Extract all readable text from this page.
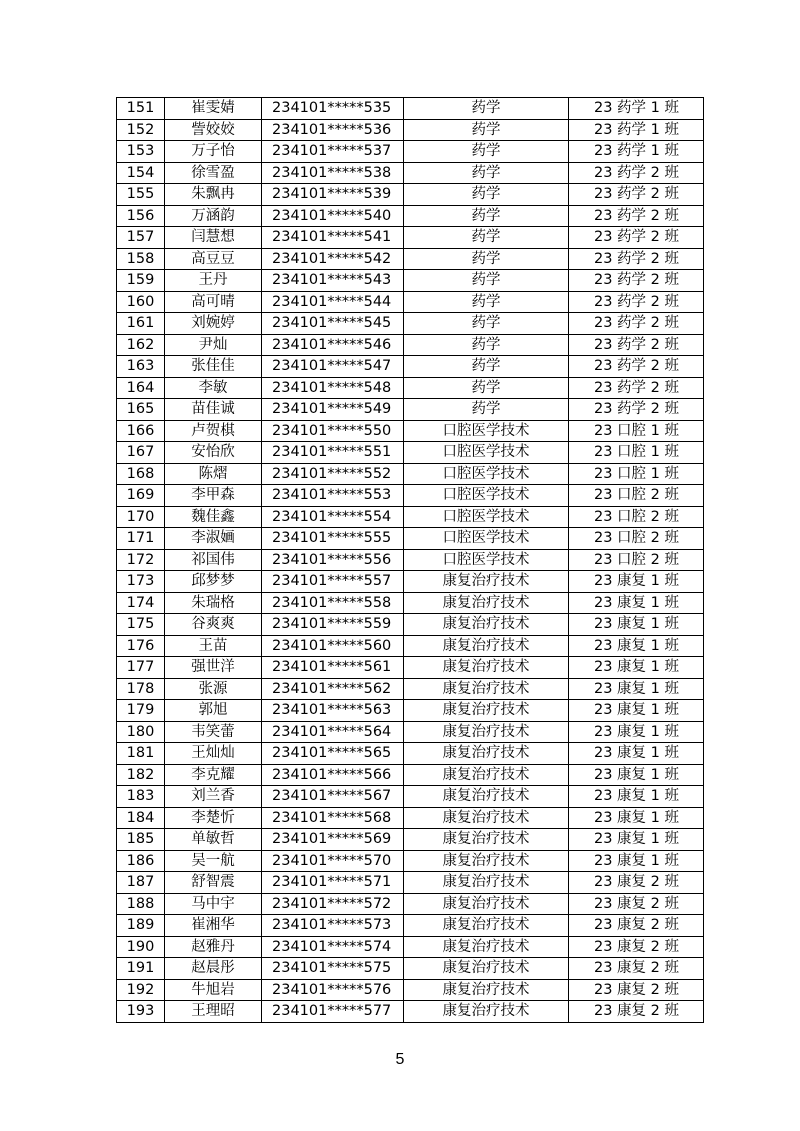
151	崔雯婧	234101*****535	药学	23 药学 1 班
152	訾姣姣	234101*****536	药学	23 药学 1 班
153	万子怡	234101*****537	药学	23 药学 1 班
154	徐雪盈	234101*****538	药学	23 药学 2 班
155	朱飘冉	234101*****539	药学	23 药学 2 班
156	万涵韵	234101*****540	药学	23 药学 2 班
157	闫慧想	234101*****541	药学	23 药学 2 班
158	高豆豆	234101*****542	药学	23 药学 2 班
159	王丹	234101*****543	药学	23 药学 2 班
160	高可晴	234101*****544	药学	23 药学 2 班
161	刘婉婷	234101*****545	药学	23 药学 2 班
162	尹灿	234101*****546	药学	23 药学 2 班
163	张佳佳	234101*****547	药学	23 药学 2 班
164	李敏	234101*****548	药学	23 药学 2 班
165	苗佳诚	234101*****549	药学	23 药学 2 班
166	卢贺棋	234101*****550	口腔医学技术	23 口腔 1 班
167	安怡欣	234101*****551	口腔医学技术	23 口腔 1 班
168	陈熠	234101*****552	口腔医学技术	23 口腔 1 班
169	李甲森	234101*****553	口腔医学技术	23 口腔 2 班
170	魏佳鑫	234101*****554	口腔医学技术	23 口腔 2 班
171	李淑婳	234101*****555	口腔医学技术	23 口腔 2 班
172	祁国伟	234101*****556	口腔医学技术	23 口腔 2 班
173	邱梦梦	234101*****557	康复治疗技术	23 康复 1 班
174	朱瑞格	234101*****558	康复治疗技术	23 康复 1 班
175	谷爽爽	234101*****559	康复治疗技术	23 康复 1 班
176	王苗	234101*****560	康复治疗技术	23 康复 1 班
177	强世洋	234101*****561	康复治疗技术	23 康复 1 班
178	张源	234101*****562	康复治疗技术	23 康复 1 班
179	郭旭	234101*****563	康复治疗技术	23 康复 1 班
180	韦笑蕾	234101*****564	康复治疗技术	23 康复 1 班
181	王灿灿	234101*****565	康复治疗技术	23 康复 1 班
182	李克耀	234101*****566	康复治疗技术	23 康复 1 班
183	刘兰香	234101*****567	康复治疗技术	23 康复 1 班
184	李楚忻	234101*****568	康复治疗技术	23 康复 1 班
185	单敏哲	234101*****569	康复治疗技术	23 康复 1 班
186	吴一航	234101*****570	康复治疗技术	23 康复 1 班
187	舒智震	234101*****571	康复治疗技术	23 康复 2 班
188	马中宇	234101*****572	康复治疗技术	23 康复 2 班
189	崔湘华	234101*****573	康复治疗技术	23 康复 2 班
190	赵雅丹	234101*****574	康复治疗技术	23 康复 2 班
191	赵晨彤	234101*****575	康复治疗技术	23 康复 2 班
192	牛旭岩	234101*****576	康复治疗技术	23 康复 2 班
193	王理昭	234101*****577	康复治疗技术	23 康复 2 班
5
